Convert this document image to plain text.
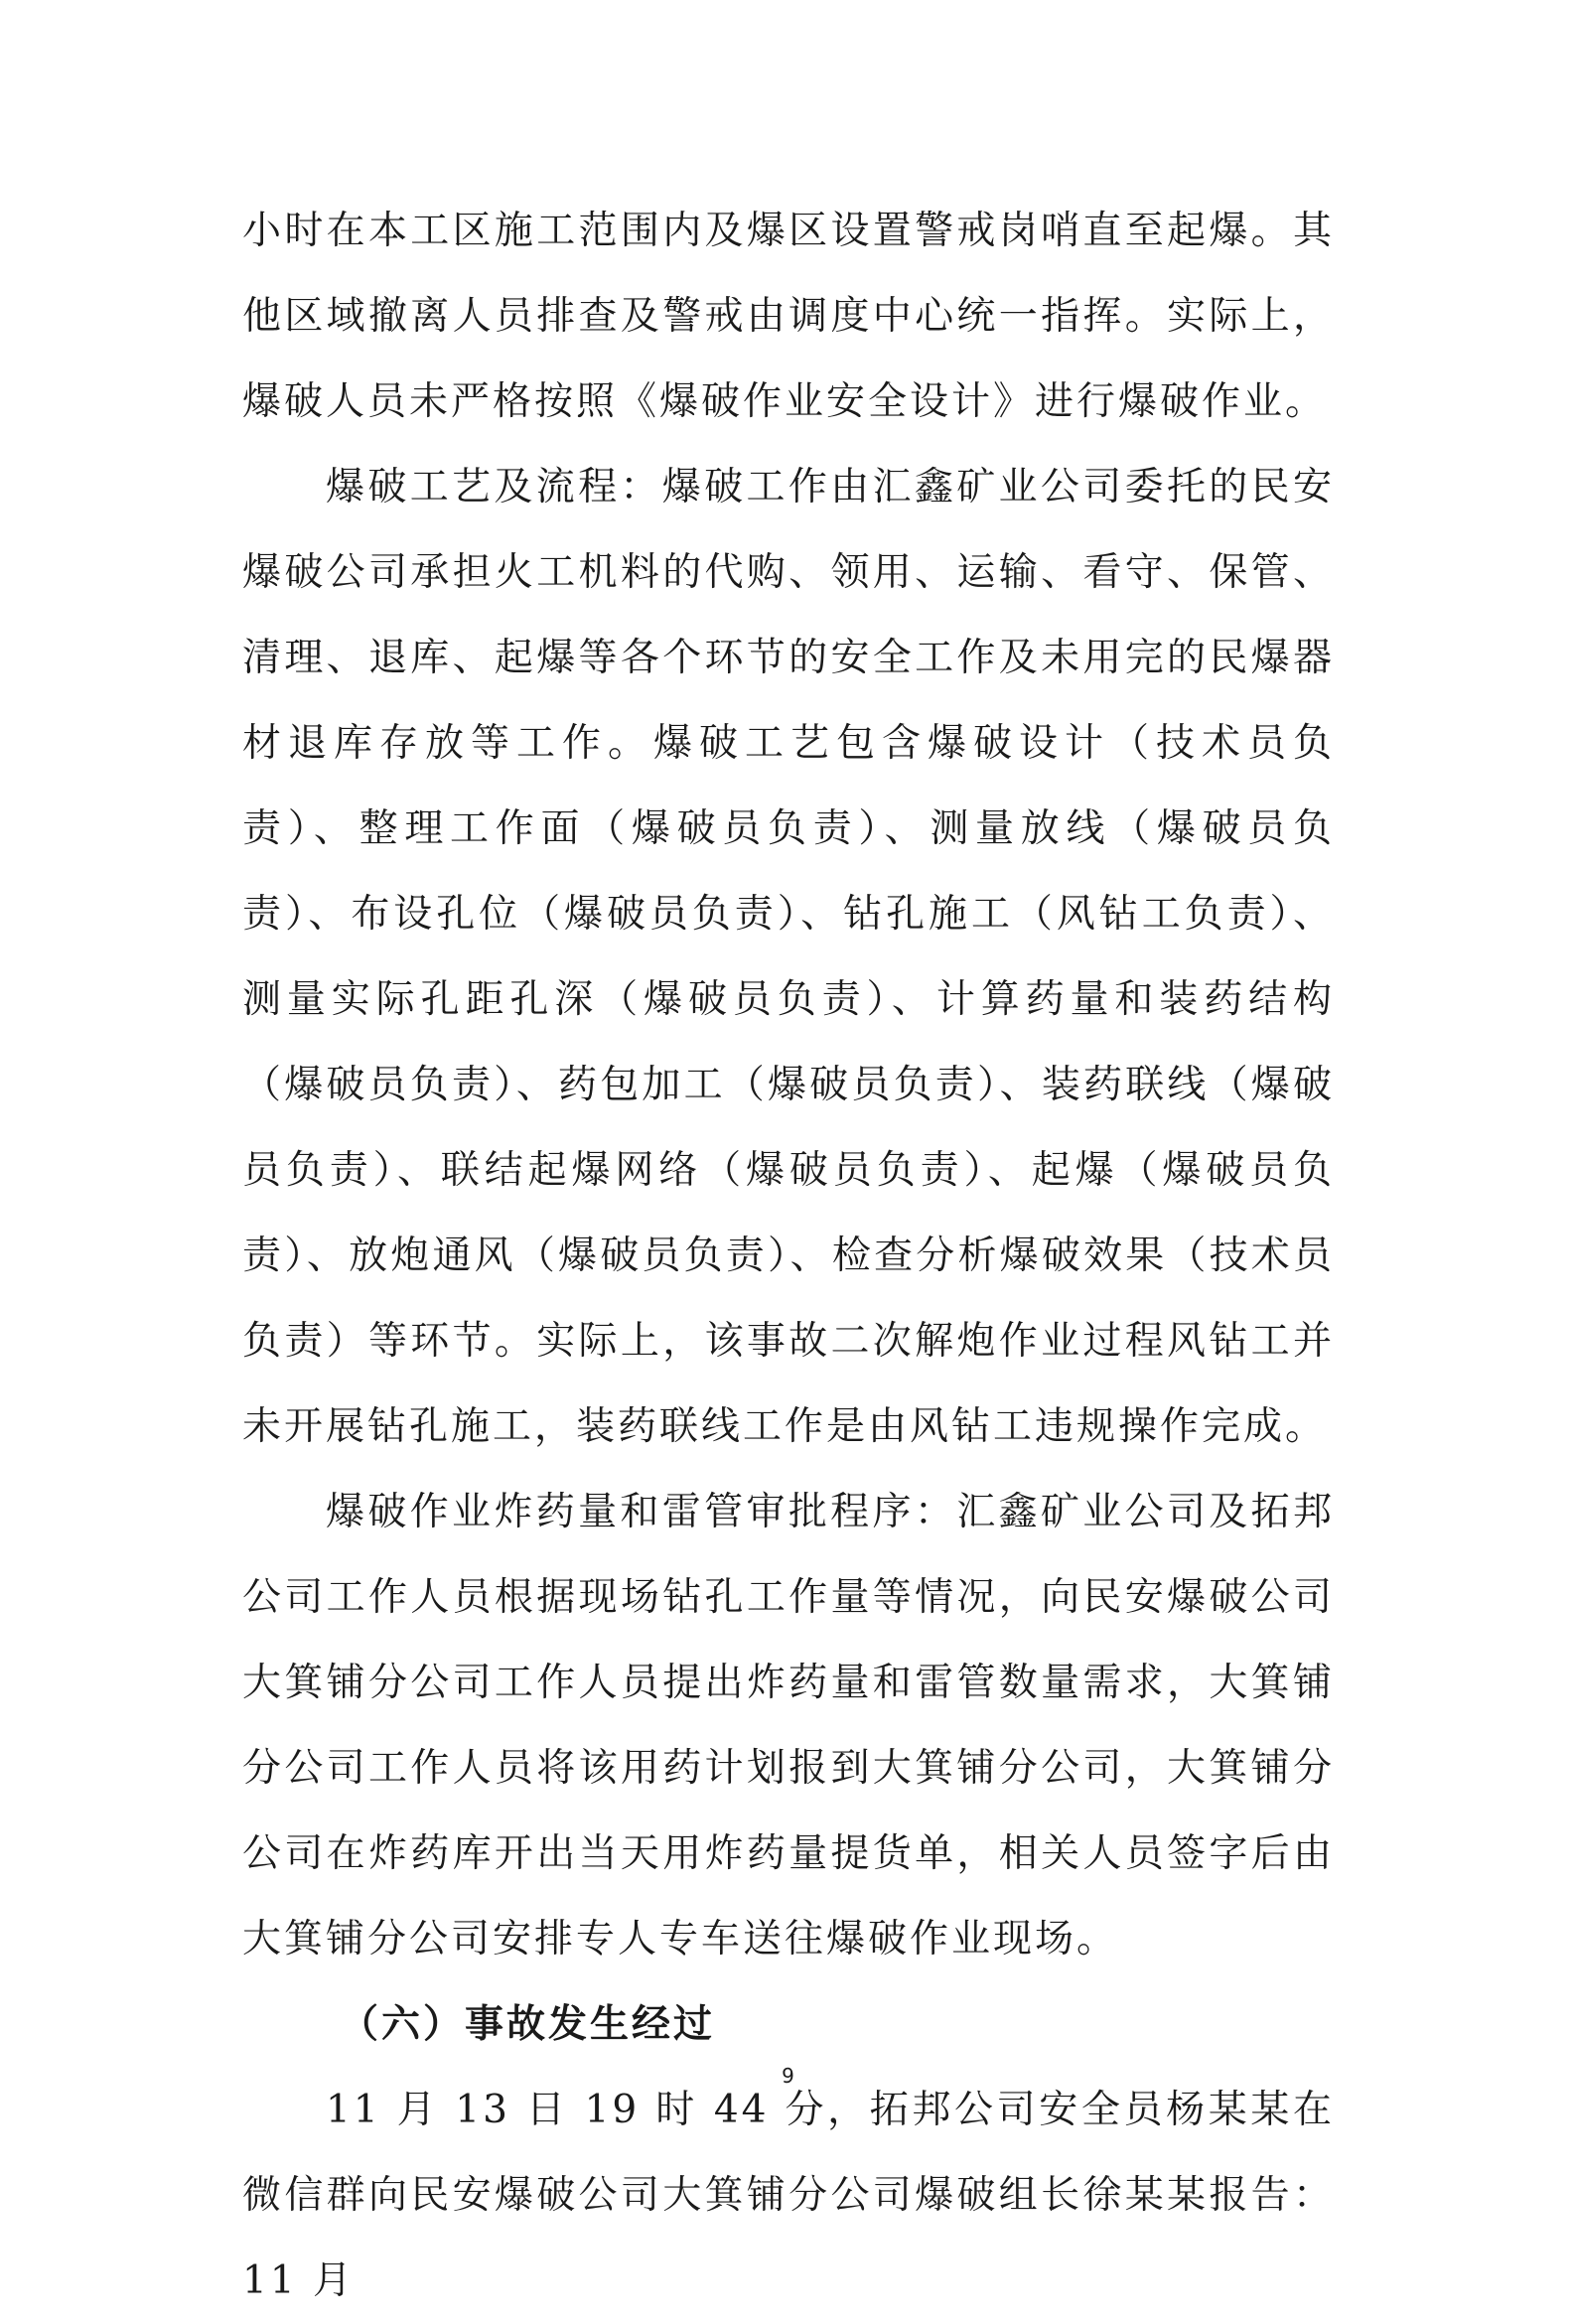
小时在本工区施工范围内及爆区设置警戒岗哨直至起爆。其他区域撤离人员排查及警戒由调度中心统一指挥。实际上，爆破人员未严格按照《爆破作业安全设计》进行爆破作业。

爆破工艺及流程：爆破工作由汇鑫矿业公司委托的民安爆破公司承担火工机料的代购、领用、运输、看守、保管、清理、退库、起爆等各个环节的安全工作及未用完的民爆器材退库存放等工作。爆破工艺包含爆破设计（技术员负责）、整理工作面（爆破员负责）、测量放线（爆破员负责）、布设孔位（爆破员负责）、钻孔施工（风钻工负责）、测量实际孔距孔深（爆破员负责）、计算药量和装药结构（爆破员负责）、药包加工（爆破员负责）、装药联线（爆破员负责）、联结起爆网络（爆破员负责）、起爆（爆破员负责）、放炮通风（爆破员负责）、检查分析爆破效果（技术员负责）等环节。实际上，该事故二次解炮作业过程风钻工并未开展钻孔施工，装药联线工作是由风钻工违规操作完成。

爆破作业炸药量和雷管审批程序：汇鑫矿业公司及拓邦公司工作人员根据现场钻孔工作量等情况，向民安爆破公司大箕铺分公司工作人员提出炸药量和雷管数量需求，大箕铺分公司工作人员将该用药计划报到大箕铺分公司，大箕铺分公司在炸药库开出当天用炸药量提货单，相关人员签字后由大箕铺分公司安排专人专车送往爆破作业现场。

（六）事故发生经过

11 月 13 日 19 时 44 分，拓邦公司安全员杨某某在微信群向民安爆破公司大箕铺分公司爆破组长徐某某报告：11 月

9
